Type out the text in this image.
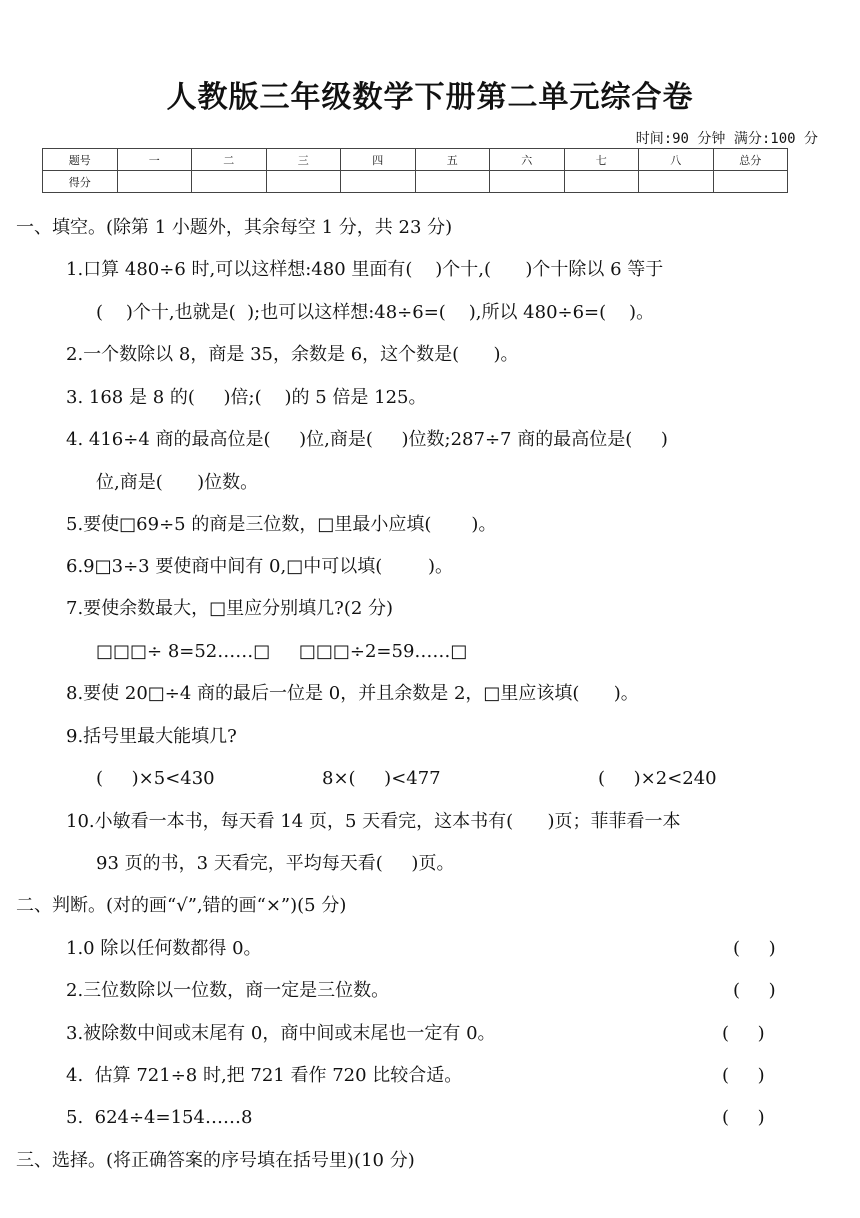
人教版三年级数学下册第二单元综合卷
时间:90 分钟 满分:100 分
题号	一	二	三	四	五	六	七	八	总分
得分									
一、填空。(除第 1 小题外，其余每空 1 分，共 23 分)
1.口算 480÷6 时,可以这样想:480 里面有(    )个十,(      )个十除以 6 等于
(    )个十,也就是(  );也可以这样想:48÷6=(    ),所以 480÷6=(    )。
2.一个数除以 8，商是 35，余数是 6，这个数是(      )。
3. 168 是 8 的(     )倍;(    )的 5 倍是 125。
4. 416÷4 商的最高位是(     )位,商是(     )位数;287÷7 商的最高位是(     )
位,商是(      )位数。
5.要使□69÷5 的商是三位数，□里最小应填(       )。
6.9□3÷3 要使商中间有 0,□中可以填(        )。
7.要使余数最大，□里应分别填几?(2 分)
□□□÷ 8=52……□     □□□÷2=59……□
8.要使 20□÷4 商的最后一位是 0，并且余数是 2，□里应该填(      )。
9.括号里最大能填几?
(     )×5<430	8×(     )<477	(     )×2<240
10.小敏看一本书，每天看 14 页，5 天看完，这本书有(      )页；菲菲看一本
93 页的书，3 天看完，平均每天看(     )页。
二、判断。(对的画“√”,错的画“×”)(5 分)
1.0 除以任何数都得 0。	(     )
2.三位数除以一位数，商一定是三位数。	(     )
3.被除数中间或末尾有 0，商中间或末尾也一定有 0。	(     )
4.  估算 721÷8 时,把 721 看作 720 比较合适。	(     )
5.  624÷4=154……8	(     )
三、选择。(将正确答案的序号填在括号里)(10 分)
